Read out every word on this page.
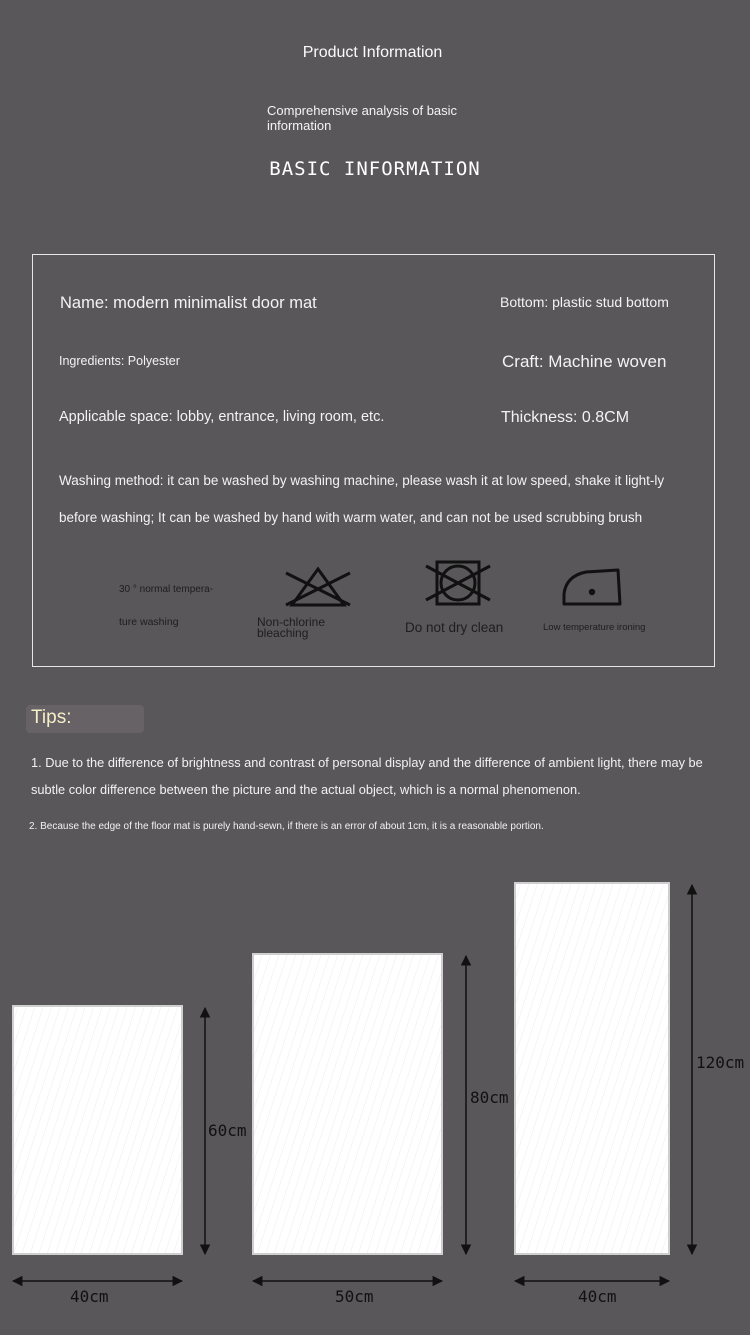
Product Information
Comprehensive analysis of basic information
BASIC INFORMATION
Name: modern minimalist door mat	Bottom: plastic stud bottom
Ingredients: Polyester	Craft: Machine woven
Applicable space: lobby, entrance, living room, etc.	Thickness: 0.8CM
Washing method: it can be washed by washing machine, please wash it at low speed, shake it light-ly before washing; It can be washed by hand with warm water, and can not be used scrubbing brush
30 ° normal tempera-
ture washing	Non-chlorine
bleaching	Do not dry clean	Low temperature ironing
Tips:
1. Due to the difference of brightness and contrast of personal display and the difference of ambient light, there may be subtle color difference between the picture and the actual object, which is a normal phenomenon.
2. Because the edge of the floor mat is purely hand-sewn, if there is an error of about 1cm, it is a reasonable portion.
60cm
40cm
80cm
50cm
120cm
40cm
